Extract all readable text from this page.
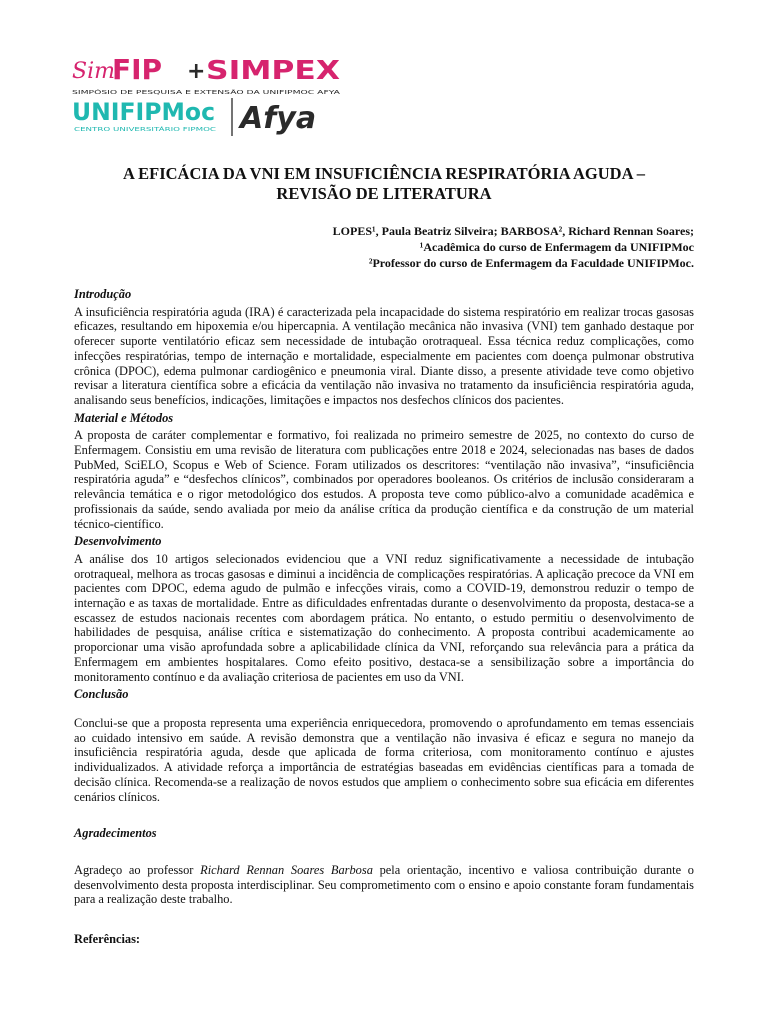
Sim
FIP + SIMPEX
SIMPÓSIO DE PESQUISA E EXTENSÃO DA UNIFIPMOC AFYA
UNIFIPMoc
CENTRO UNIVERSITÁRIO FIPMOC	Afya
A EFICÁCIA DA VNI EM INSUFICIÊNCIA RESPIRATÓRIA AGUDA –
REVISÃO DE LITERATURA
LOPES¹, Paula Beatriz Silveira; BARBOSA², Richard Rennan Soares;
¹Acadêmica do curso de Enfermagem da UNIFIPMoc
²Professor do curso de Enfermagem da Faculdade UNIFIPMoc.

Introdução

A insuficiência respiratória aguda (IRA) é caracterizada pela incapacidade do sistema respiratório em realizar trocas gasosas eficazes, resultando em hipoxemia e/ou hipercapnia. A ventilação mecânica não invasiva (VNI) tem ganhado destaque por oferecer suporte ventilatório eficaz sem necessidade de intubação orotraqueal. Essa técnica reduz complicações, como infecções respiratórias, tempo de internação e mortalidade, especialmente em pacientes com doença pulmonar obstrutiva crônica (DPOC), edema pulmonar cardiogênico e pneumonia viral. Diante disso, a presente atividade teve como objetivo revisar a literatura científica sobre a eficácia da ventilação não invasiva no tratamento da insuficiência respiratória aguda, analisando seus benefícios, indicações, limitações e impactos nos desfechos clínicos dos pacientes.

Material e Métodos

A proposta de caráter complementar e formativo, foi realizada no primeiro semestre de 2025, no contexto do curso de Enfermagem. Consistiu em uma revisão de literatura com publicações entre 2018 e 2024, selecionadas nas bases de dados PubMed, SciELO, Scopus e Web of Science. Foram utilizados os descritores: “ventilação não invasiva”, “insuficiência respiratória aguda” e “desfechos clínicos”, combinados por operadores booleanos. Os critérios de inclusão consideraram a relevância temática e o rigor metodológico dos estudos. A proposta teve como público-alvo a comunidade acadêmica e profissionais da saúde, sendo avaliada por meio da análise crítica da produção científica e da construção de um material técnico-científico.

Desenvolvimento

A análise dos 10 artigos selecionados evidenciou que a VNI reduz significativamente a necessidade de intubação orotraqueal, melhora as trocas gasosas e diminui a incidência de complicações respiratórias. A aplicação precoce da VNI em pacientes com DPOC, edema agudo de pulmão e infecções virais, como a COVID-19, demonstrou reduzir o tempo de internação e as taxas de mortalidade. Entre as dificuldades enfrentadas durante o desenvolvimento da proposta, destaca-se a escassez de estudos nacionais recentes com abordagem prática. No entanto, o estudo permitiu o desenvolvimento de habilidades de pesquisa, análise crítica e sistematização do conhecimento. A proposta contribui academicamente ao proporcionar uma visão aprofundada sobre a aplicabilidade clínica da VNI, reforçando sua relevância para a prática da Enfermagem em ambientes hospitalares. Como efeito positivo, destaca-se a sensibilização sobre a importância do monitoramento contínuo e da avaliação criteriosa de pacientes em uso da VNI.

Conclusão

Conclui-se que a proposta representa uma experiência enriquecedora, promovendo o aprofundamento em temas essenciais ao cuidado intensivo em saúde. A revisão demonstra que a ventilação não invasiva é eficaz e segura no manejo da insuficiência respiratória aguda, desde que aplicada de forma criteriosa, com monitoramento contínuo e ajustes individualizados. A atividade reforça a importância de estratégias baseadas em evidências científicas para a tomada de decisão clínica. Recomenda-se a realização de novos estudos que ampliem o conhecimento sobre sua eficácia em diferentes cenários clínicos.

Agradecimentos

Agradeço ao professor Richard Rennan Soares Barbosa pela orientação, incentivo e valiosa contribuição durante o desenvolvimento desta proposta interdisciplinar. Seu comprometimento com o ensino e apoio constante foram fundamentais para a realização deste trabalho.

Referências:
